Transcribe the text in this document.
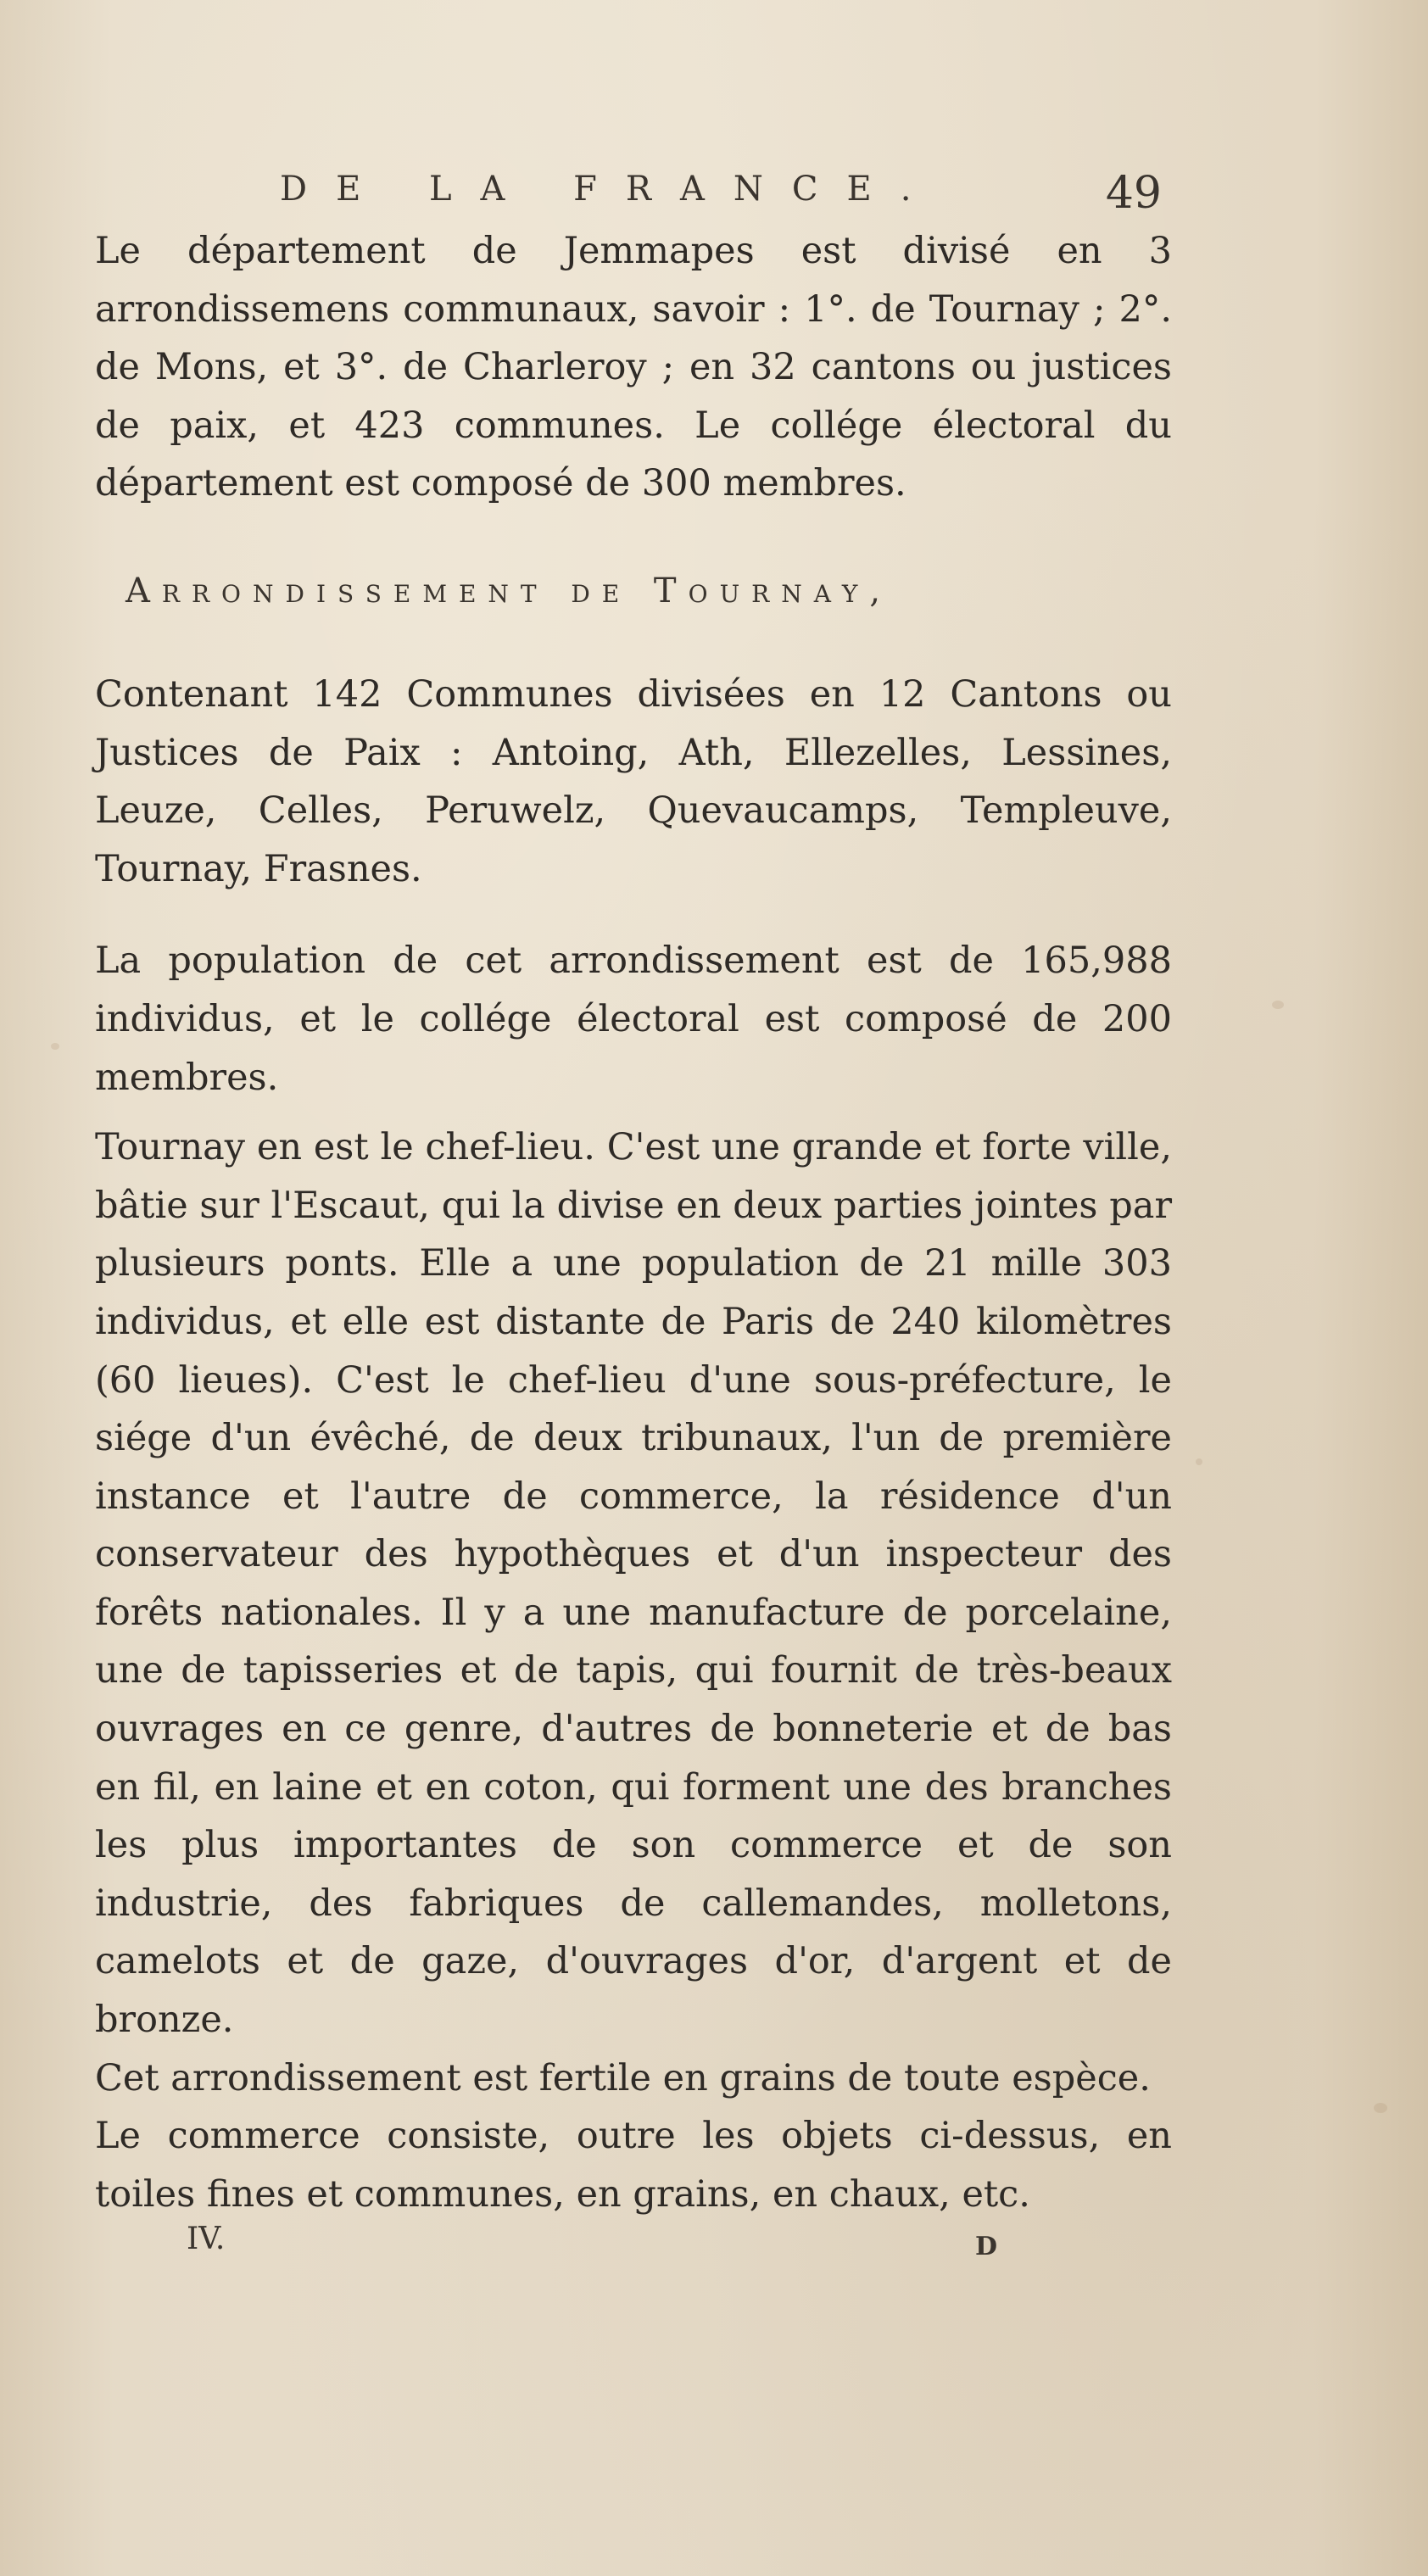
DE LA FRANCE.	49

Le département de Jemmapes est divisé en 3 arrondissemens communaux, savoir : 1°. de Tournay ; 2°. de Mons, et 3°. de Charleroy ; en 32 cantons ou justices de paix, et 423 communes. Le collége électoral du département est composé de 300 membres.

Arrondissement de Tournay,

Contenant 142 Communes divisées en 12 Cantons ou Justices de Paix : Antoing, Ath, Ellezelles, Lessines, Leuze, Celles, Peruwelz, Quevaucamps, Templeuve, Tournay, Frasnes.

La population de cet arrondissement est de 165,988 individus, et le collége électoral est composé de 200 membres.

Tournay en est le chef-lieu. C'est une grande et forte ville, bâtie sur l'Escaut, qui la divise en deux parties jointes par plusieurs ponts. Elle a une population de 21 mille 303 individus, et elle est distante de Paris de 240 kilomètres (60 lieues). C'est le chef-lieu d'une sous-préfecture, le siége d'un évêché, de deux tribunaux, l'un de première instance et l'autre de commerce, la résidence d'un conservateur des hypothèques et d'un inspecteur des forêts nationales. Il y a une manufacture de porcelaine, une de tapisseries et de tapis, qui fournit de très-beaux ouvrages en ce genre, d'autres de bonneterie et de bas en fil, en laine et en coton, qui forment une des branches les plus importantes de son commerce et de son industrie, des fabriques de callemandes, molletons, camelots et de gaze, d'ouvrages d'or, d'argent et de bronze.

Cet arrondissement est fertile en grains de toute espèce.

Le commerce consiste, outre les objets ci-dessus, en toiles fines et communes, en grains, en chaux, etc.

IV.	D
